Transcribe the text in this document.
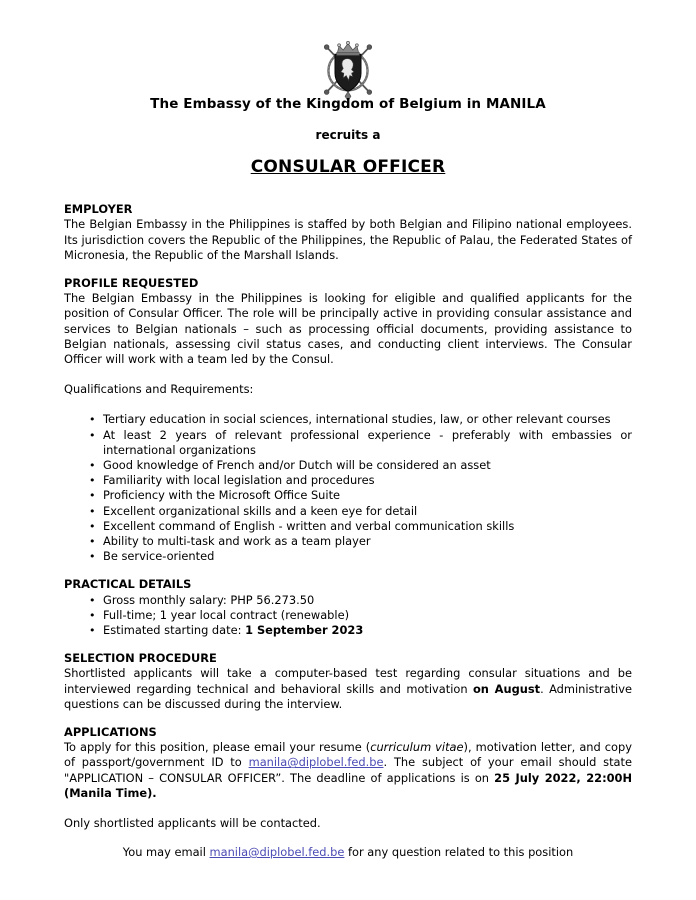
The Embassy of the Kingdom of Belgium in MANILA
recruits a
CONSULAR OFFICER
EMPLOYER

The Belgian Embassy in the Philippines is staffed by both Belgian and Filipino national employees. Its jurisdiction covers the Republic of the Philippines, the Republic of Palau, the Federated States of Micronesia, the Republic of the Marshall Islands.

PROFILE REQUESTED

The Belgian Embassy in the Philippines is looking for eligible and qualified applicants for the position of Consular Officer. The role will be principally active in providing consular assistance and services to Belgian nationals – such as processing official documents, providing assistance to Belgian nationals, assessing civil status cases, and conducting client interviews. The Consular Officer will work with a team led by the Consul.

Qualifications and Requirements:

• Tertiary education in social sciences, international studies, law, or other relevant courses
• At least 2 years of relevant professional experience - preferably with embassies or international organizations
• Good knowledge of French and/or Dutch will be considered an asset
• Familiarity with local legislation and procedures
• Proficiency with the Microsoft Office Suite
• Excellent organizational skills and a keen eye for detail
• Excellent command of English - written and verbal communication skills
• Ability to multi-task and work as a team player
• Be service-oriented
PRACTICAL DETAILS
• Gross monthly salary: PHP 56.273.50
• Full-time; 1 year local contract (renewable)
• Estimated starting date: 1 September 2023
SELECTION PROCEDURE

Shortlisted applicants will take a computer-based test regarding consular situations and be interviewed regarding technical and behavioral skills and motivation on August. Administrative questions can be discussed during the interview.

APPLICATIONS

To apply for this position, please email your resume (curriculum vitae), motivation letter, and copy of passport/government ID to manila@diplobel.fed.be. The subject of your email should state "APPLICATION – CONSULAR OFFICER”. The deadline of applications is on 25 July 2022, 22:00H (Manila Time).

Only shortlisted applicants will be contacted.

You may email manila@diplobel.fed.be for any question related to this position
